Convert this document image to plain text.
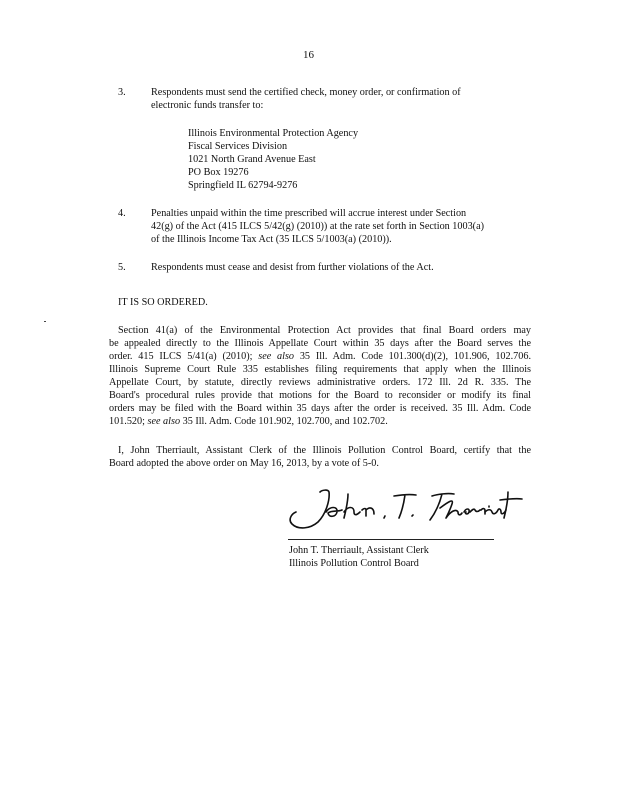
16
3. Respondents must send the certified check, money order, or confirmation of
electronic funds transfer to:
Illinois Environmental Protection Agency
Fiscal Services Division
1021 North Grand Avenue East
PO Box 19276
Springfield IL 62794-9276
4. Penalties unpaid within the time prescribed will accrue interest under Section
42(g) of the Act (415 ILCS 5/42(g) (2010)) at the rate set forth in Section 1003(a)
of the Illinois Income Tax Act (35 ILCS 5/1003(a) (2010)).
5. Respondents must cease and desist from further violations of the Act.
IT IS SO ORDERED.

Section 41(a) of the Environmental Protection Act provides that final Board orders may

be appealed directly to the Illinois Appellate Court within 35 days after the Board serves the

order. 415 ILCS 5/41(a) (2010); see also 35 Ill. Adm. Code 101.300(d)(2), 101.906, 102.706.

Illinois Supreme Court Rule 335 establishes filing requirements that apply when the Illinois

Appellate Court, by statute, directly reviews administrative orders. 172 Ill. 2d R. 335. The

Board's procedural rules provide that motions for the Board to reconsider or modify its final

orders may be filed with the Board within 35 days after the order is received. 35 Ill. Adm. Code

101.520; see also 35 Ill. Adm. Code 101.902, 102.700, and 102.702.

I, John Therriault, Assistant Clerk of the Illinois Pollution Control Board, certify that the

Board adopted the above order on May 16, 2013, by a vote of 5-0.

John T. Therriault, Assistant Clerk
Illinois Pollution Control Board
